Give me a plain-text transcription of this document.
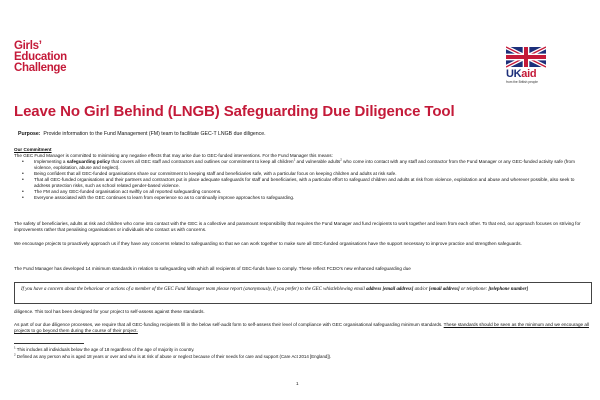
Girls’
Education
Challenge	UKaid
from the British people
Leave No Girl Behind (LNGB) Safeguarding Due Diligence Tool
Purpose: Provide information to the Fund Management (FM) team to facilitate GEC-T LNGB due diligence.
Our Commitment
The GEC Fund Manager is committed to minimising any negative effects that may arise due to GEC-funded interventions. For the Fund Manager this means:
• Implementing a safeguarding policy that covers all GEC staff and contractors and outlines our commitment to keep all children$^1$ and vulnerable adults$^2$ who come into contact with any staff and contractor from the Fund Manager or any GEC-funded activity safe (from violence, exploitation, abuse and neglect).
• Being confident that all GEC-funded organisations share our commitment to keeping staff and beneficiaries safe, with a particular focus on keeping children and adults at risk safe.
• That all GEC-funded organisations and their partners and contractors put in place adequate safeguards for staff and beneficiaries, with a particular effort to safeguard children and adults at risk from violence, exploitation and abuse and wherever possible, also seek to address protection risks, such as school related gender-based violence.
• The FM and any GEC-funded organisation act swiftly on all reported safeguarding concerns.
• Everyone associated with the GEC continues to learn from experience so as to continually improve approaches to safeguarding.
The safety of beneficiaries, adults at risk and children who come into contact with the GEC is a collective and paramount responsibility that requires the Fund Manager and fund recipients to work together and learn from each other. To that end, our approach focuses on striving for improvements rather that penalising organisations or individuals who contact us with concerns.
We encourage projects to proactively approach us if they have any concerns related to safeguarding so that we can work together to make sure all GEC-funded organisations have the support necessary to improve practice and strengthen safeguards.
The Fund Manager has developed 14 minimum standards in relation to safeguarding with which all recipients of GEC-funds have to comply. These reflect FCDO’s new enhanced safeguarding due
If you have a concern about the behaviour or actions of a member of the GEC Fund Manager team please report (anonymously, if you prefer) to the GEC whistleblowing email address [email address] and/or [email address] or telephone: [telephone number]
diligence. This tool has been designed for your project to self-assess against these standards.
As part of our due diligence processes, we require that all GEC-funding recipients fill in the below self-audit form to self-assess their level of compliance with GEC organisational safeguarding minimum standards. These standards should be seen as the minimum and we encourage all projects to go beyond them during the course of their project.
$^1$ This includes all individuals below the age of 18 regardless of the age of majority in country.
$^2$ Defined as any person who is aged 18 years or over and who is at risk of abuse or neglect because of their needs for care and support (Care Act 2014 [England]).
1
